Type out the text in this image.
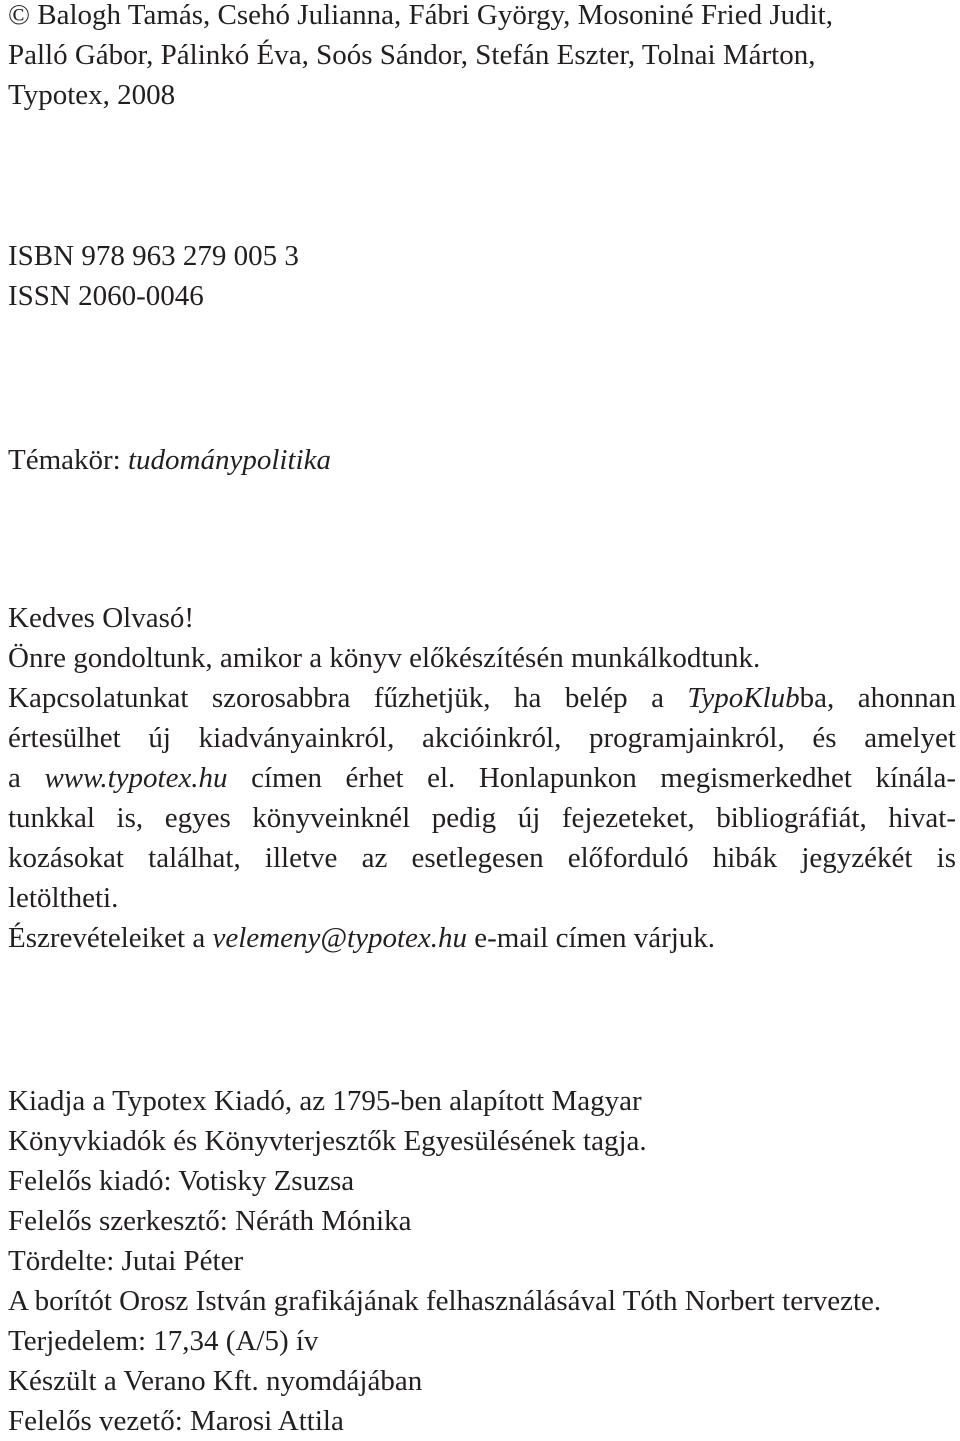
© Balogh Tamás, Csehó Julianna, Fábri György, Mosoniné Fried Judit,
Palló Gábor, Pálinkó Éva, Soós Sándor, Stefán Eszter, Tolnai Márton,
Typotex, 2008
ISBN 978 963 279 005 3
ISSN 2060-0046
Témakör: tudománypolitika
Kedves Olvasó!
Önre gondoltunk, amikor a könyv előkészítésén munkálkodtunk.
Kapcsolatunkat szorosabbra fűzhetjük, ha belép a TypoKlubba, ahonnan
értesülhet új kiadványainkról, akcióinkról, programjainkról, és amelyet
a www.typotex.hu címen érhet el. Honlapunkon megismerkedhet kínála-
tunkkal is, egyes könyveinknél pedig új fejezeteket, bibliográfiát, hivat-
kozásokat találhat, illetve az esetlegesen előforduló hibák jegyzékét is
letöltheti.
Észrevételeiket a velemeny@typotex.hu e-mail címen várjuk.
Kiadja a Typotex Kiadó, az 1795-ben alapított Magyar
Könyvkiadók és Könyvterjesztők Egyesülésének tagja.
Felelős kiadó: Votisky Zsuzsa
Felelős szerkesztő: Néráth Mónika
Tördelte: Jutai Péter
A borítót Orosz István grafikájának felhasználásával Tóth Norbert tervezte.
Terjedelem: 17,34 (A/5) ív
Készült a Verano Kft. nyomdájában
Felelős vezető: Marosi Attila
